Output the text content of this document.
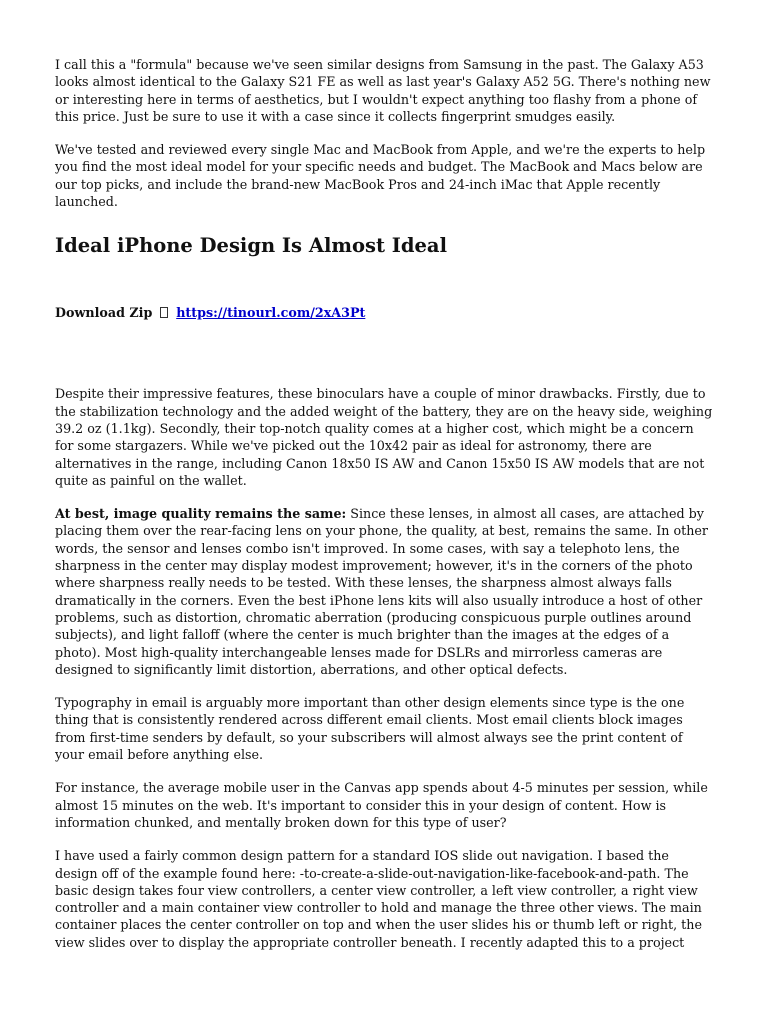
I call this a "formula" because we've seen similar designs from Samsung in the past. The Galaxy A53 looks almost identical to the Galaxy S21 FE as well as last year's Galaxy A52 5G. There's nothing new or interesting here in terms of aesthetics, but I wouldn't expect anything too flashy from a phone of this price. Just be sure to use it with a case since it collects fingerprint smudges easily.

We've tested and reviewed every single Mac and MacBook from Apple, and we're the experts to help you find the most ideal model for your specific needs and budget. The MacBook and Macs below are our top picks, and include the brand-new MacBook Pros and 24-inch iMac that Apple recently launched.

Ideal iPhone Design Is Almost Ideal
Download Zip https://tinourl.com/2xA3Pt

Despite their impressive features, these binoculars have a couple of minor drawbacks. Firstly, due to the stabilization technology and the added weight of the battery, they are on the heavy side, weighing 39.2 oz (1.1kg). Secondly, their top-notch quality comes at a higher cost, which might be a concern for some stargazers. While we've picked out the 10x42 pair as ideal for astronomy, there are alternatives in the range, including Canon 18x50 IS AW and Canon 15x50 IS AW models that are not quite as painful on the wallet.

At best, image quality remains the same: Since these lenses, in almost all cases, are attached by placing them over the rear-facing lens on your phone, the quality, at best, remains the same. In other words, the sensor and lenses combo isn't improved. In some cases, with say a telephoto lens, the sharpness in the center may display modest improvement; however, it's in the corners of the photo where sharpness really needs to be tested. With these lenses, the sharpness almost always falls dramatically in the corners. Even the best iPhone lens kits will also usually introduce a host of other problems, such as distortion, chromatic aberration (producing conspicuous purple outlines around subjects), and light falloff (where the center is much brighter than the images at the edges of a photo). Most high-quality interchangeable lenses made for DSLRs and mirrorless cameras are designed to significantly limit distortion, aberrations, and other optical defects.

Typography in email is arguably more important than other design elements since type is the one thing that is consistently rendered across different email clients. Most email clients block images from first-time senders by default, so your subscribers will almost always see the print content of your email before anything else.

For instance, the average mobile user in the Canvas app spends about 4-5 minutes per session, while almost 15 minutes on the web. It's important to consider this in your design of content. How is information chunked, and mentally broken down for this type of user?

I have used a fairly common design pattern for a standard IOS slide out navigation. I based the design off of the example found here: -to-create-a-slide-out-navigation-like-facebook-and-path. The basic design takes four view controllers, a center view controller, a left view controller, a right view controller and a main container view controller to hold and manage the three other views. The main container places the center controller on top and when the user slides his or thumb left or right, the view slides over to display the appropriate controller beneath. I recently adapted this to a project
